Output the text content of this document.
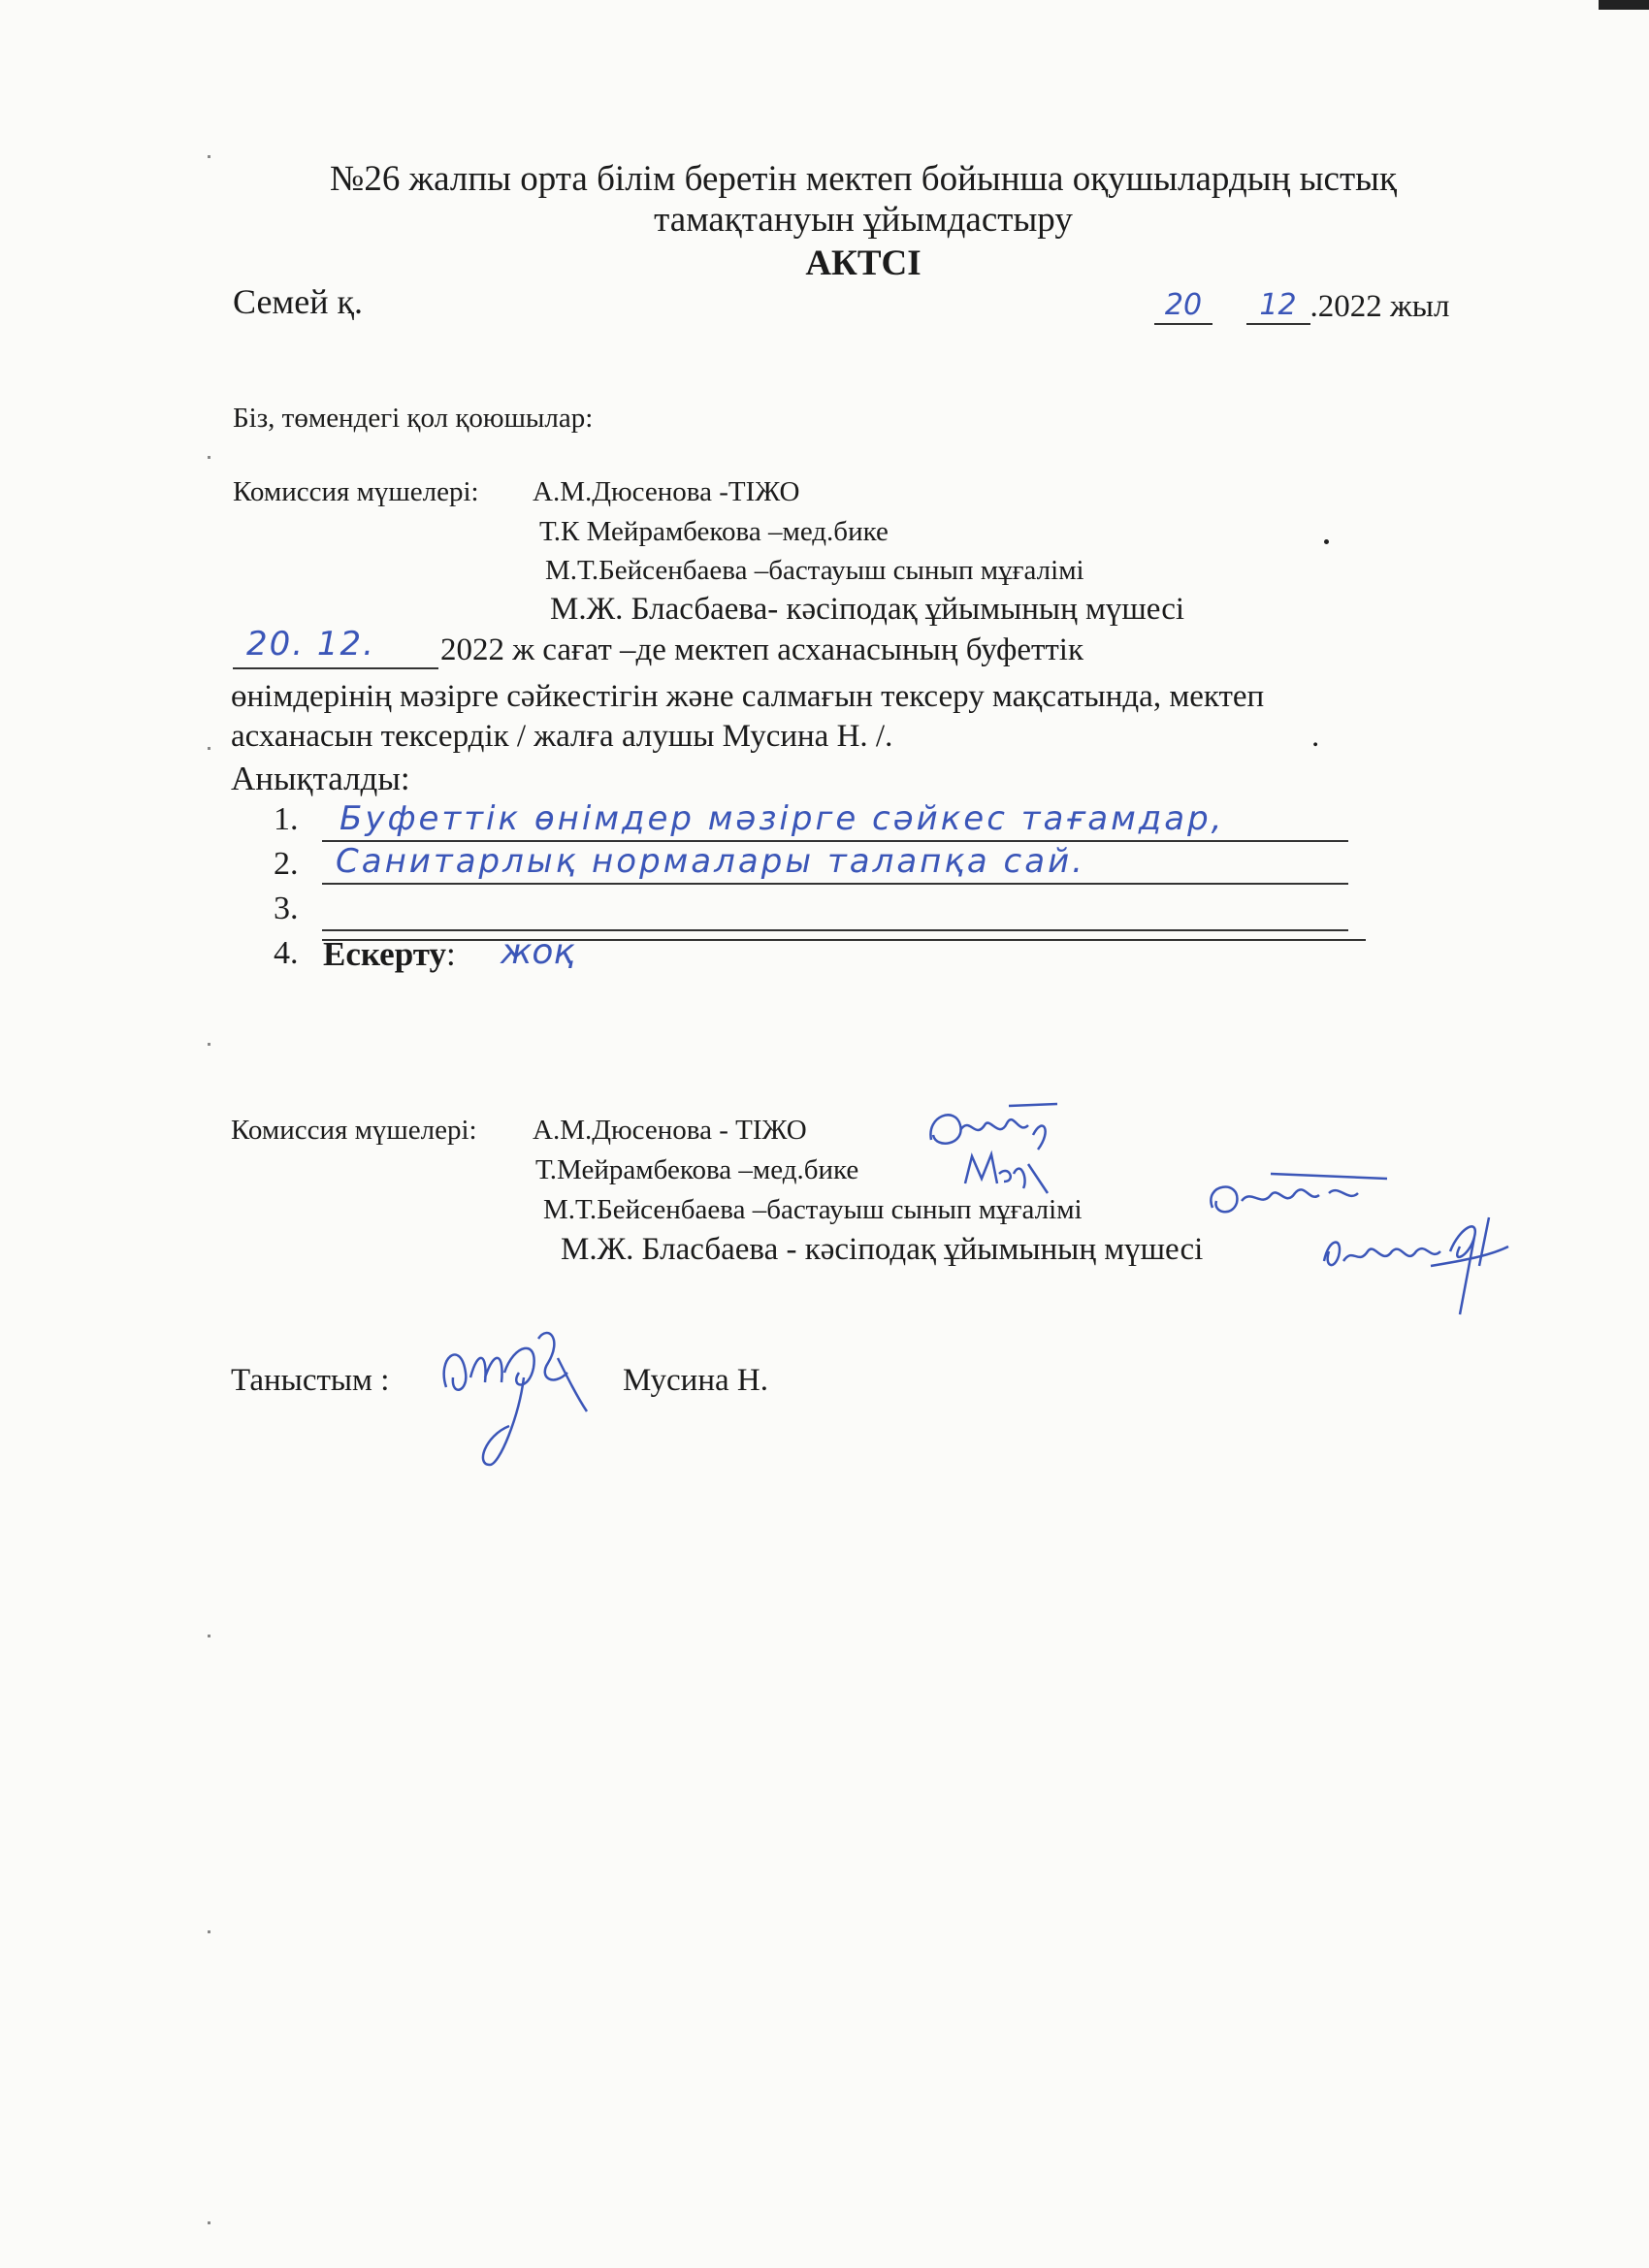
№26 жалпы орта білім беретін мектеп бойынша оқушылардың ыстық
тамақтануын ұйымдастыру
АКТСІ
Семей қ.	20 12 .2022 жыл
Біз, төмендегі қол қоюшылар:
Комиссия мүшелері: А.М.Дюсенова -ТІЖО
Т.К Мейрамбекова –мед.бике
М.Т.Бейсенбаева –бастауыш сынып мұғалімі
М.Ж. Бласбаева- кәсіподақ ұйымының мүшесі
20. 12. 2022 ж сағат –де мектеп асханасының буфеттік
өнімдерінің мәзірге сәйкестігін және салмағын тексеру мақсатында, мектеп
асханасын тексердік / жалға алушы Мусина Н. /.	.
Анықталды:
1. Буфеттік өнімдер мәзірге сәйкес тағамдар,
2. Санитарлық нормалары талапқа сай.
3.
4. Ескерту: жоқ
Комиссия мүшелері: А.М.Дюсенова - ТІЖО
Т.Мейрамбекова –мед.бике
М.Т.Бейсенбаева –бастауыш сынып мұғалімі
М.Ж. Бласбаева - кәсіподақ ұйымының мүшесі
Таныстым :	Мусина Н.
